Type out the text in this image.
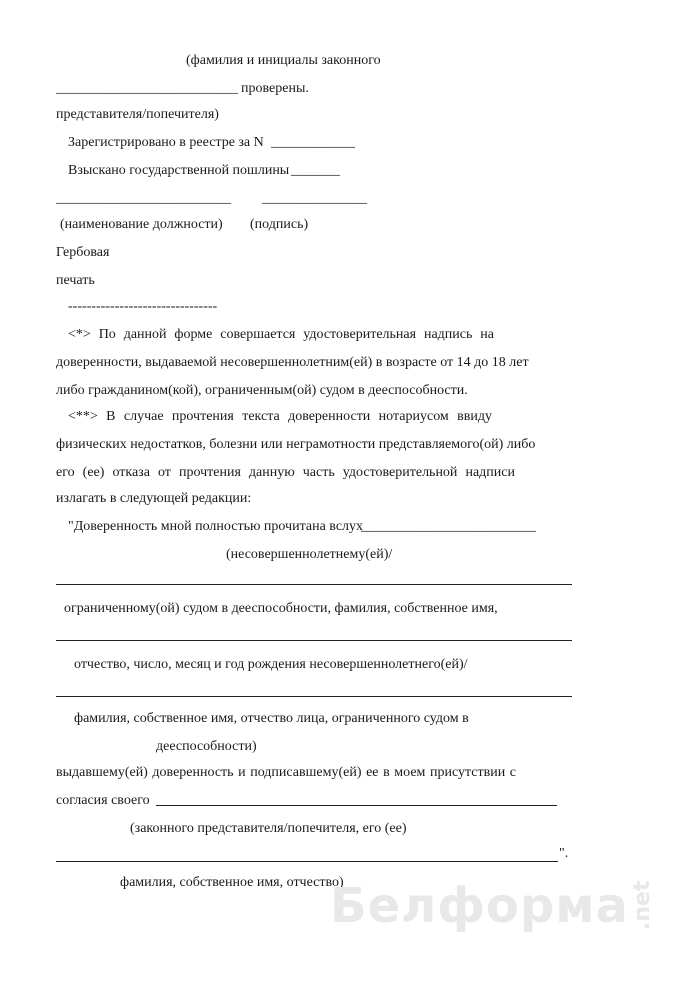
(фамилия и инициалы законного
__________________________ проверены.
представителя/попечителя)
Зарегистрировано в реестре за N ____________
Взыскано государственной пошлины _______
_________________________ _______________
(наименование должности) (подпись)
Гербовая
печать
--------------------------------
<*> По данной форме совершается удостоверительная надпись на
доверенности, выдаваемой несовершеннолетним(ей) в возрасте от 14 до 18 лет
либо гражданином(кой), ограниченным(ой) судом в дееспособности.
<**> В случае прочтения текста доверенности нотариусом ввиду
физических недостатков, болезни или неграмотности представляемого(ой) либо
его (ее) отказа от прочтения данную часть удостоверительной надписи
излагать в следующей редакции:
"Доверенность мной полностью прочитана вслух
_________________________
(несовершеннолетнему(ей)/
ограниченному(ой) судом в дееспособности, фамилия, собственное имя,
отчество, число, месяц и год рождения несовершеннолетнего(ей)/
фамилия, собственное имя, отчество лица, ограниченного судом в
дееспособности)
выдавшему(ей) доверенность и подписавшему(ей) ее в моем присутствии с
согласия своего
(законного представителя/попечителя, его (ее)
".
фамилия, собственное имя, отчество)
Белформа .net
